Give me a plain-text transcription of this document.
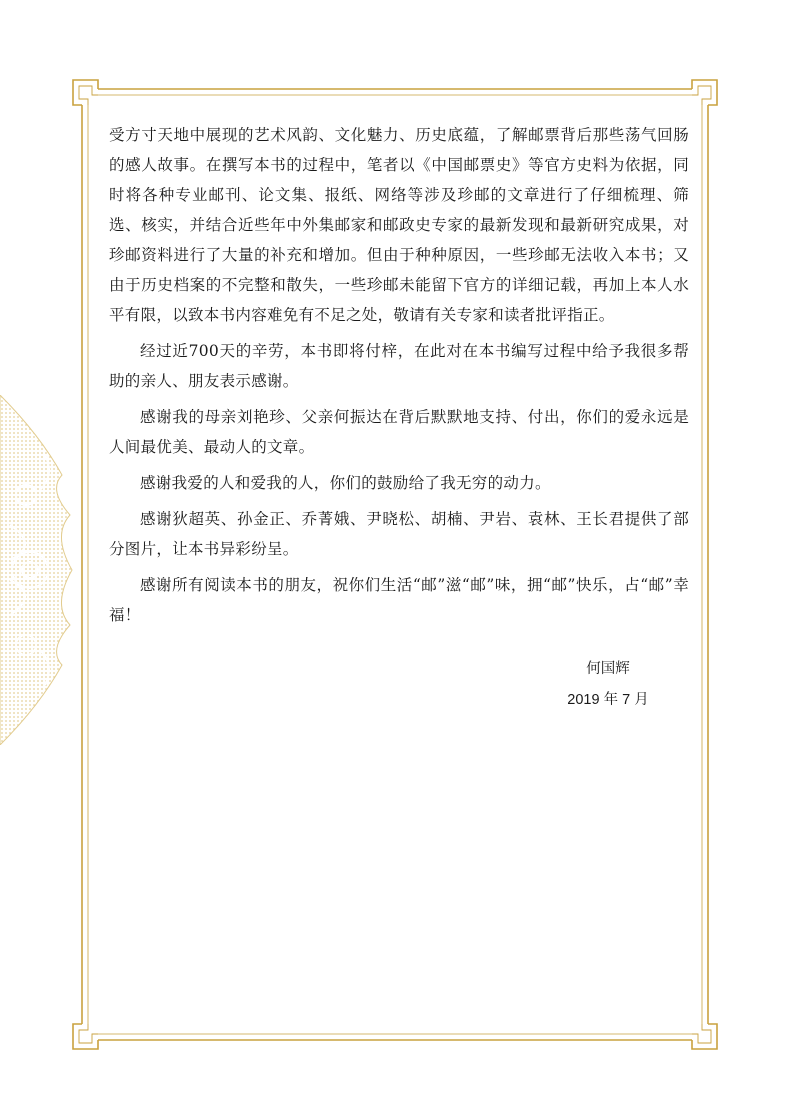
受方寸天地中展现的艺术风韵、文化魅力、历史底蕴，了解邮票背后那些荡气回肠的感人故事。在撰写本书的过程中，笔者以《中国邮票史》等官方史料为依据，同时将各种专业邮刊、论文集、报纸、网络等涉及珍邮的文章进行了仔细梳理、筛选、核实，并结合近些年中外集邮家和邮政史专家的最新发现和最新研究成果，对珍邮资料进行了大量的补充和增加。但由于种种原因，一些珍邮无法收入本书；又由于历史档案的不完整和散失，一些珍邮未能留下官方的详细记载，再加上本人水平有限，以致本书内容难免有不足之处，敬请有关专家和读者批评指正。

经过近700天的辛劳，本书即将付梓，在此对在本书编写过程中给予我很多帮助的亲人、朋友表示感谢。

感谢我的母亲刘艳珍、父亲何振达在背后默默地支持、付出，你们的爱永远是人间最优美、最动人的文章。

感谢我爱的人和爱我的人，你们的鼓励给了我无穷的动力。

感谢狄超英、孙金正、乔菁娥、尹晓松、胡楠、尹岩、袁林、王长君提供了部分图片，让本书异彩纷呈。

感谢所有阅读本书的朋友，祝你们生活“邮”滋“邮”味，拥“邮”快乐，占“邮”幸福！

何国辉
2019 年 7 月
